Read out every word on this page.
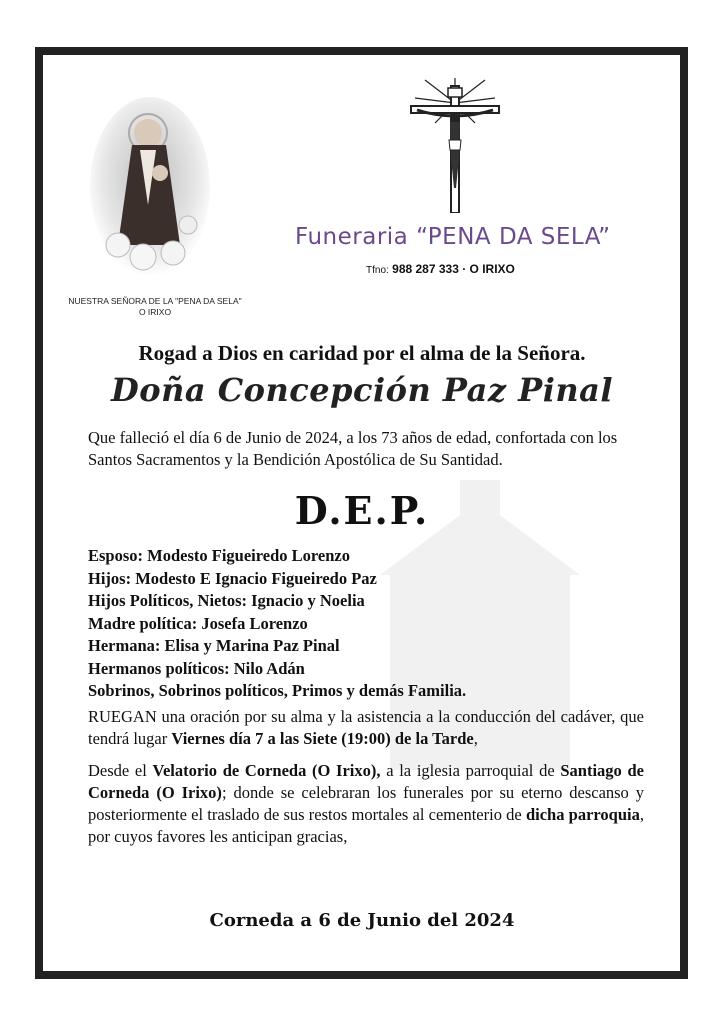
NUESTRA SEÑORA DE LA "PENA DA SELA"
O IRIXO
Funeraria “PENA DA SELA”
Tfno: 988 287 333 · O IRIXO
Rogad a Dios en caridad por el alma de la Señora.
Doña Concepción Paz Pinal
Que falleció el día 6 de Junio de 2024, a los 73 años de edad, confortada con los Santos Sacramentos y la Bendición Apostólica de Su Santidad.
D.E.P.
Esposo: Modesto Figueiredo Lorenzo
Hijos: Modesto E Ignacio Figueiredo Paz
Hijos Políticos, Nietos: Ignacio y Noelia
Madre política: Josefa Lorenzo
Hermana: Elisa y Marina Paz Pinal
Hermanos políticos: Nilo Adán
Sobrinos, Sobrinos políticos, Primos y demás Familia.
RUEGAN una oración por su alma y la asistencia a la conducción del cadáver, que tendrá lugar Viernes día 7 a las Siete (19:00) de la Tarde,
Desde el Velatorio de Corneda (O Irixo), a la iglesia parroquial de Santiago de Corneda (O Irixo); donde se celebraran los funerales por su eterno descanso y posteriormente el traslado de sus restos mortales al cementerio de dicha parroquia, por cuyos favores les anticipan gracias,
Corneda a 6 de Junio del 2024
